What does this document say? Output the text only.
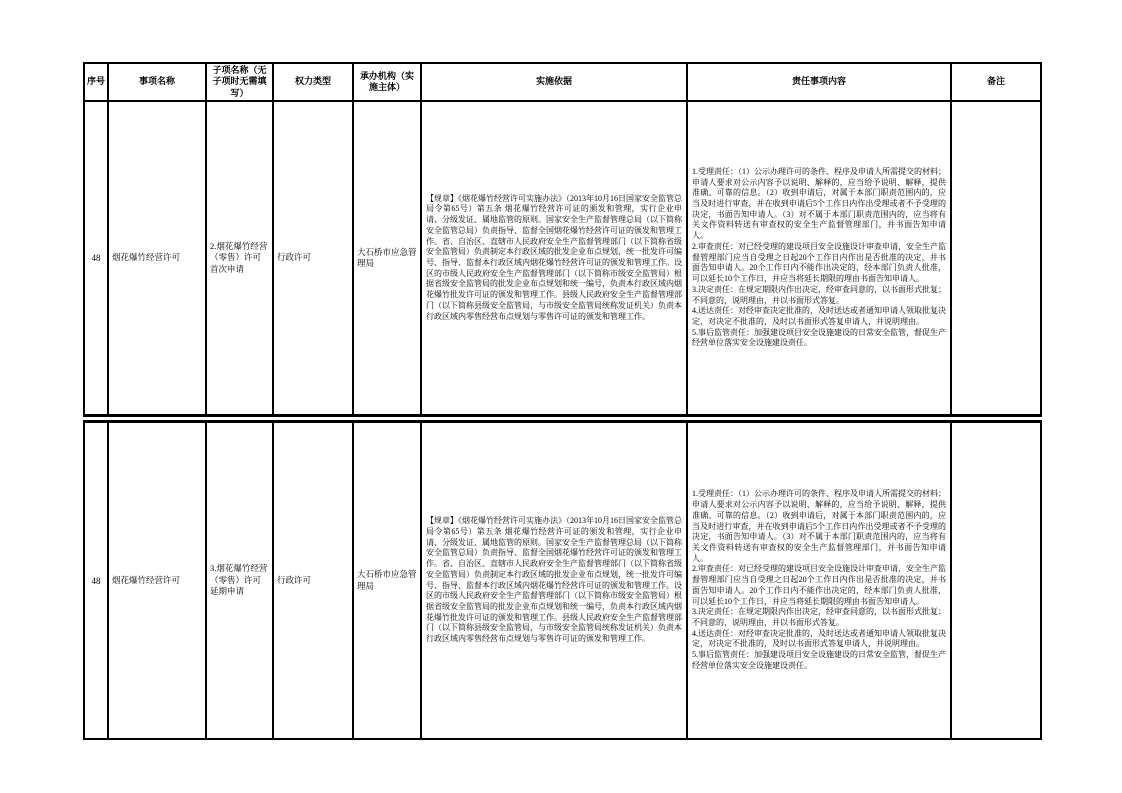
序号	事项名称	子项名称（无子项时无需填写）	权力类型	承办机构（实施主体）	实施依据	责任事项内容	备注
48	烟花爆竹经营许可	2.烟花爆竹经营（零售）许可首次申请	行政许可	大石桥市应急管理局	【规章】《烟花爆竹经营许可实施办法》（2013年10月16日国家安全监管总局令第65号）第五条 烟花爆竹经营许可证的颁发和管理，实行企业申请、分级发证、属地监管的原则。国家安全生产监督管理总局（以下简称安全监管总局）负责指导、监督全国烟花爆竹经营许可证的颁发和管理工作。省、自治区、直辖市人民政府安全生产监督管理部门（以下简称省级安全监管局）负责制定本行政区域的批发企业布点规划，统一批发许可编号、指导、监督本行政区域内烟花爆竹经营许可证的颁发和管理工作。设区的市级人民政府安全生产监督管理部门（以下简称市级安全监管局）根据省级安全监管局的批发企业布点规划和统一编号，负责本行政区域内烟花爆竹批发许可证的颁发和管理工作。县级人民政府安全生产监督管理部门（以下简称县级安全监管局，与市级安全监管局统称发证机关）负责本行政区域内零售经营布点规划与零售许可证的颁发和管理工作。	
1.受理责任：（1）公示办理许可的条件、程序及申请人所需提交的材料；申请人要求对公示内容予以说明、解释的，应当给予说明、解释，提供准确、可靠的信息。（2）收到申请后，对属于本部门职责范围内的，应当及时进行审查，并在收到申请后5个工作日内作出受理或者不予受理的决定，书面告知申请人。（3）对不属于本部门职责范围内的，应当将有关文件资料转送有审查权的安全生产监督管理部门，并书面告知申请人。
2.审查责任：对已经受理的建设项目安全设施设计审查申请，安全生产监督管理部门应当自受理之日起20个工作日内作出是否批准的决定，并书面告知申请人。20个工作日内不能作出决定的，经本部门负责人批准，可以延长10个工作日，并应当将延长期限的理由书面告知申请人。
3.决定责任：在规定期限内作出决定，经审查同意的，以书面形式批复；不同意的，说明理由，并以书面形式答复。
4.送达责任：对经审查决定批准的，及时送达或者通知申请人领取批复决定，对决定不批准的，及时以书面形式答复申请人，并说明理由。
5.事后监管责任：加强建设项目安全设施建设的日常安全监管，督促生产经营单位落实安全设施建设责任。

48	烟花爆竹经营许可	3.烟花爆竹经营（零售）许可延期申请	行政许可	大石桥市应急管理局	【规章】《烟花爆竹经营许可实施办法》（2013年10月16日国家安全监管总局令第65号）第五条 烟花爆竹经营许可证的颁发和管理，实行企业申请、分级发证、属地监管的原则。国家安全生产监督管理总局（以下简称安全监管总局）负责指导、监督全国烟花爆竹经营许可证的颁发和管理工作。省、自治区、直辖市人民政府安全生产监督管理部门（以下简称省级安全监管局）负责制定本行政区域的批发企业布点规划，统一批发许可编号、指导、监督本行政区域内烟花爆竹经营许可证的颁发和管理工作。设区的市级人民政府安全生产监督管理部门（以下简称市级安全监管局）根据省级安全监管局的批发企业布点规划和统一编号，负责本行政区域内烟花爆竹批发许可证的颁发和管理工作。县级人民政府安全生产监督管理部门（以下简称县级安全监管局，与市级安全监管局统称发证机关）负责本行政区域内零售经营布点规划与零售许可证的颁发和管理工作。	
1.受理责任：（1）公示办理许可的条件、程序及申请人所需提交的材料；申请人要求对公示内容予以说明、解释的，应当给予说明、解释，提供准确、可靠的信息。（2）收到申请后，对属于本部门职责范围内的，应当及时进行审查，并在收到申请后5个工作日内作出受理或者不予受理的决定，书面告知申请人。（3）对不属于本部门职责范围内的，应当将有关文件资料转送有审查权的安全生产监督管理部门，并书面告知申请人。
2.审查责任：对已经受理的建设项目安全设施设计审查申请，安全生产监督管理部门应当自受理之日起20个工作日内作出是否批准的决定，并书面告知申请人。20个工作日内不能作出决定的，经本部门负责人批准，可以延长10个工作日，并应当将延长期限的理由书面告知申请人。
3.决定责任：在规定期限内作出决定，经审查同意的，以书面形式批复；不同意的，说明理由，并以书面形式答复。
4.送达责任：对经审查决定批准的，及时送达或者通知申请人领取批复决定，对决定不批准的，及时以书面形式答复申请人，并说明理由。
5.事后监管责任：加强建设项目安全设施建设的日常安全监管，督促生产经营单位落实安全设施建设责任。
